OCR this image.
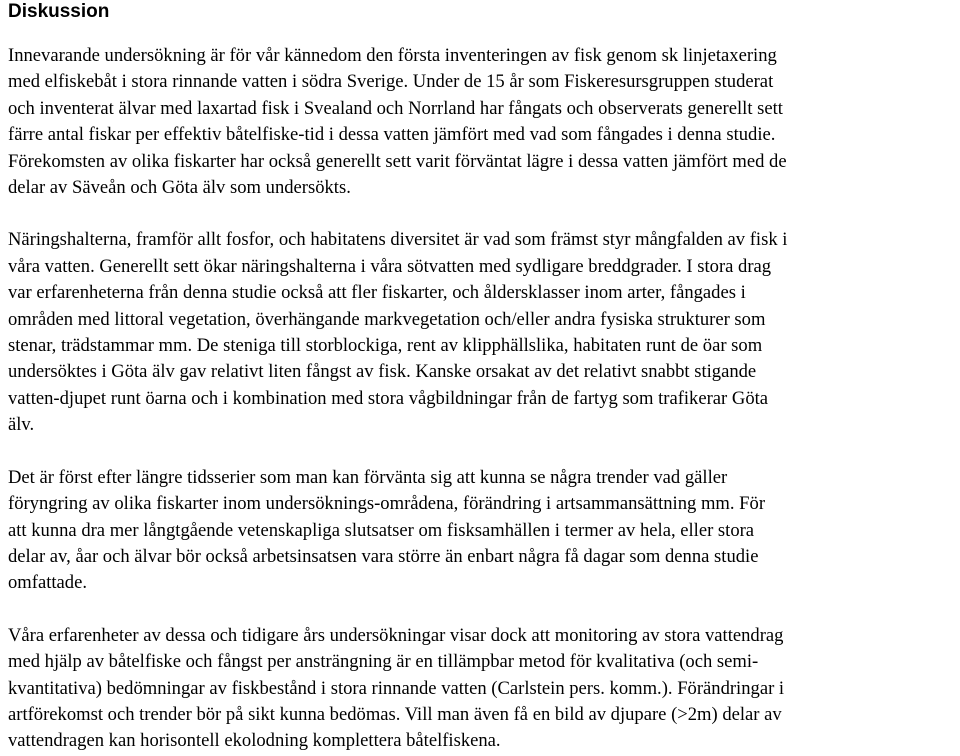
Diskussion

Innevarande undersökning är för vår kännedom den första inventeringen av fisk genom sk linjetaxering
med elfiskebåt i stora rinnande vatten i södra Sverige. Under de 15 år som Fiskeresursgruppen studerat
och inventerat älvar med laxartad fisk i Svealand och Norrland har fångats och observerats generellt sett
färre antal fiskar per effektiv båtelfiske-tid i dessa vatten jämfört med vad som fångades i denna studie.
Förekomsten av olika fiskarter har också generellt sett varit förväntat lägre i dessa vatten jämfört med de
delar av Säveån och Göta älv som undersökts.

Näringshalterna, framför allt fosfor, och habitatens diversitet är vad som främst styr mångfalden av fisk i
våra vatten. Generellt sett ökar näringshalterna i våra sötvatten med sydligare breddgrader. I stora drag
var erfarenheterna från denna studie också att fler fiskarter, och åldersklasser inom arter, fångades i
områden med littoral vegetation, överhängande markvegetation och/eller andra fysiska strukturer som
stenar, trädstammar mm. De steniga till storblockiga, rent av klipphällslika, habitaten runt de öar som
undersöktes i Göta älv gav relativt liten fångst av fisk. Kanske orsakat av det relativt snabbt stigande
vatten-djupet runt öarna och i kombination med stora vågbildningar från de fartyg som trafikerar Göta
älv.

Det är först efter längre tidsserier som man kan förvänta sig att kunna se några trender vad gäller
föryngring av olika fiskarter inom undersöknings-områdena, förändring i artsammansättning mm. För
att kunna dra mer långtgående vetenskapliga slutsatser om fisksamhällen i termer av hela, eller stora
delar av, åar och älvar bör också arbetsinsatsen vara större än enbart några få dagar som denna studie
omfattade.

Våra erfarenheter av dessa och tidigare års undersökningar visar dock att monitoring av stora vattendrag
med hjälp av båtelfiske och fångst per ansträngning är en tillämpbar metod för kvalitativa (och semi-
kvantitativa) bedömningar av fiskbestånd i stora rinnande vatten (Carlstein pers. komm.). Förändringar i
artförekomst och trender bör på sikt kunna bedömas. Vill man även få en bild av djupare (>2m) delar av
vattendragen kan horisontell ekolodning komplettera båtelfiskena.
